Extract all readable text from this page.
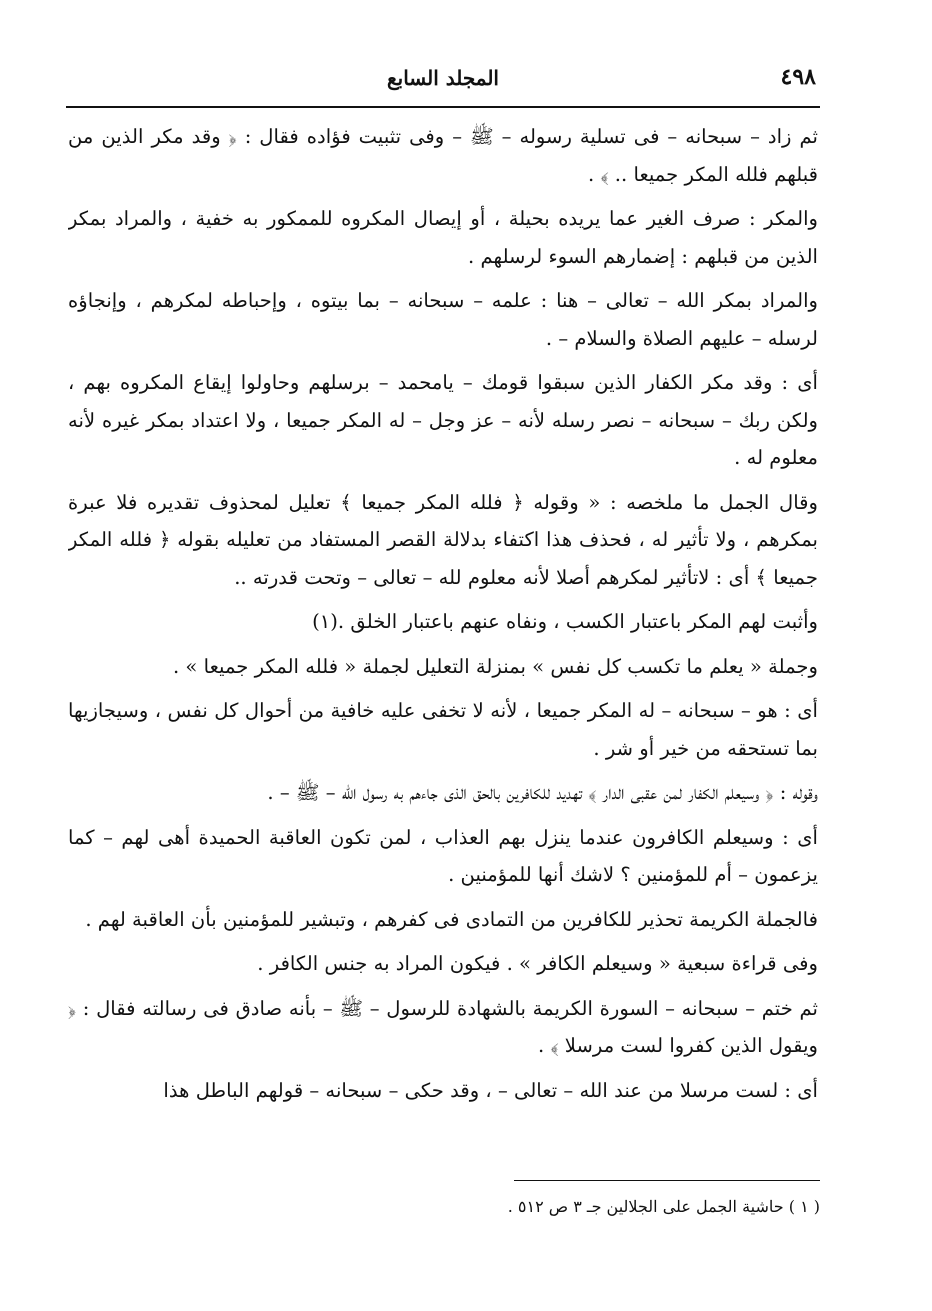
٤٩٨
المجلد السابع

ثم زاد – سبحانه – فى تسلية رسوله – ﷺ – وفى تثبيت فؤاده فقال : ﴿ وقد مكر الذين من قبلهم فلله المكر جميعا .. ﴾ .

والمكر : صرف الغير عما يريده بحيلة ، أو إيصال المكروه للممكور به خفية ، والمراد بمكر الذين من قبلهم : إضمارهم السوء لرسلهم .

والمراد بمكر الله – تعالى – هنا : علمه – سبحانه – بما بيتوه ، وإحباطه لمكرهم ، وإنجاؤه لرسله – عليهم الصلاة والسلام – .

أى : وقد مكر الكفار الذين سبقوا قومك – يامحمد – برسلهم وحاولوا إيقاع المكروه بهم ، ولكن ربك – سبحانه – نصر رسله لأنه – عز وجل – له المكر جميعا ، ولا اعتداد بمكر غيره لأنه معلوم له .

وقال الجمل ما ملخصه : « وقوله ﴿ فلله المكر جميعا ﴾ تعليل لمحذوف تقديره فلا عبرة بمكرهم ، ولا تأثير له ، فحذف هذا اكتفاء بدلالة القصر المستفاد من تعليله بقوله ﴿ فلله المكر جميعا ﴾ أى : لاتأثير لمكرهم أصلا لأنه معلوم لله – تعالى – وتحت قدرته ..

وأثبت لهم المكر باعتبار الكسب ، ونفاه عنهم باعتبار الخلق .(١)

وجملة « يعلم ما تكسب كل نفس » بمنزلة التعليل لجملة « فلله المكر جميعا » .

أى : هو – سبحانه – له المكر جميعا ، لأنه لا تخفى عليه خافية من أحوال كل نفس ، وسيجازيها بما تستحقه من خير أو شر .

وقوله : ﴿ وسيعلم الكفار لمن عقبى الدار ﴾ تهديد للكافرين بالحق الذى جاءهم به رسول الله – ﷺ – .

أى : وسيعلم الكافرون عندما ينزل بهم العذاب ، لمن تكون العاقبة الحميدة أهى لهم – كما يزعمون – أم للمؤمنين ؟ لاشك أنها للمؤمنين .

فالجملة الكريمة تحذير للكافرين من التمادى فى كفرهم ، وتبشير للمؤمنين بأن العاقبة لهم .

وفى قراءة سبعية « وسيعلم الكافر » . فيكون المراد به جنس الكافر .

ثم ختم – سبحانه – السورة الكريمة بالشهادة للرسول – ﷺ – بأنه صادق فى رسالته فقال : ﴿ ويقول الذين كفروا لست مرسلا ﴾ .

أى : لست مرسلا من عند الله – تعالى – ، وقد حكى – سبحانه – قولهم الباطل هذا

( ١ ) حاشية الجمل على الجلالين جـ ٣ ص ٥١٢ .
